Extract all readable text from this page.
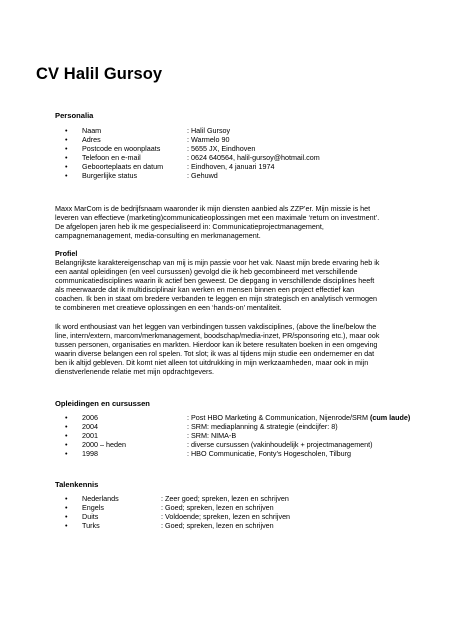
CV Halil Gursoy
Personalia
• Naam	: Halil Gursoy
• Adres	: Warmelo 90
• Postcode en woonplaats	: 5655 JX, Eindhoven
• Telefoon en e-mail	: 0624 640564, halil-gursoy@hotmail.com
• Geboorteplaats en datum	: Eindhoven, 4 januari 1974
• Burgerlijke status	: Gehuwd
Maxx MarCom is de bedrijfsnaam waaronder ik mijn diensten aanbied als ZZP’er. Mijn missie is het
leveren van effectieve (marketing)communicatieoplossingen met een maximale ‘return on investment’.
De afgelopen jaren heb ik me gespecialiseerd in: Communicatieprojectmanagement,
campagnemanagement, media-consulting en merkmanagement.
Profiel
Belangrijkste karaktereigenschap van mij is mijn passie voor het vak. Naast mijn brede ervaring heb ik
een aantal opleidingen (en veel cursussen) gevolgd die ik heb gecombineerd met verschillende
communicatiedisciplines waarin ik actief ben geweest. De diepgang in verschillende disciplines heeft
als meerwaarde dat ik multidisciplinair kan werken en mensen binnen een project effectief kan
coachen. Ik ben in staat om bredere verbanden te leggen en mijn strategisch en analytisch vermogen
te combineren met creatieve oplossingen en een ‘hands-on’ mentaliteit.
Ik word enthousiast van het leggen van verbindingen tussen vakdisciplines, (above the line/below the
line, intern/extern, marcom/merkmanagement, boodschap/media-inzet, PR/sponsoring etc.), maar ook
tussen personen, organisaties en markten. Hierdoor kan ik betere resultaten boeken in een omgeving
waarin diverse belangen een rol spelen. Tot slot; ik was al tijdens mijn studie een ondernemer en dat
ben ik altijd gebleven. Dit komt niet alleen tot uitdrukking in mijn werkzaamheden, maar ook in mijn
dienstverlenende relatie met mijn opdrachtgevers.
Opleidingen en cursussen
• 2006	: Post HBO Marketing & Communication, Nijenrode/SRM (cum laude)
• 2004	: SRM: mediaplanning & strategie (eindcijfer: 8)
• 2001	: SRM: NIMA-B
• 2000 – heden	: diverse cursussen (vakinhoudelijk + projectmanagement)
• 1998	: HBO Communicatie, Fonty’s Hogescholen, Tilburg
Talenkennis
• Nederlands	: Zeer goed; spreken, lezen en schrijven
• Engels	: Goed; spreken, lezen en schrijven
• Duits	: Voldoende; spreken, lezen en schrijven
• Turks	: Goed; spreken, lezen en schrijven
